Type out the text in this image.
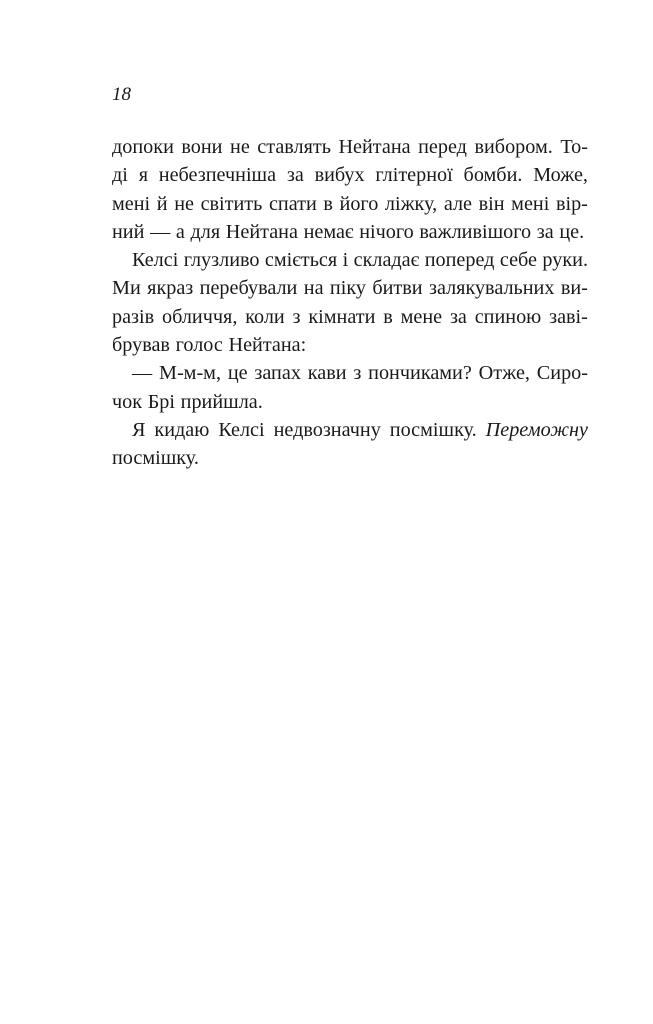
18
допоки вони не ставлять Нейтана перед вибором. То-
ді я небезпечніша за вибух глітерної бомби. Може,
мені й не світить спати в його ліжку, але він мені вір-
ний — а для Нейтана немає нічого важливішого за це.
Келсі глузливо сміється і складає поперед себе руки.
Ми якраз перебували на піку битви залякувальних ви-
разів обличчя, коли з кімнати в мене за спиною заві-
брував голос Нейтана:
— М-м-м, це запах кави з пончиками? Отже, Сиро-
чок Брі прийшла.
Я кидаю Келсі недвозначну посмішку. Переможну
посмішку.
